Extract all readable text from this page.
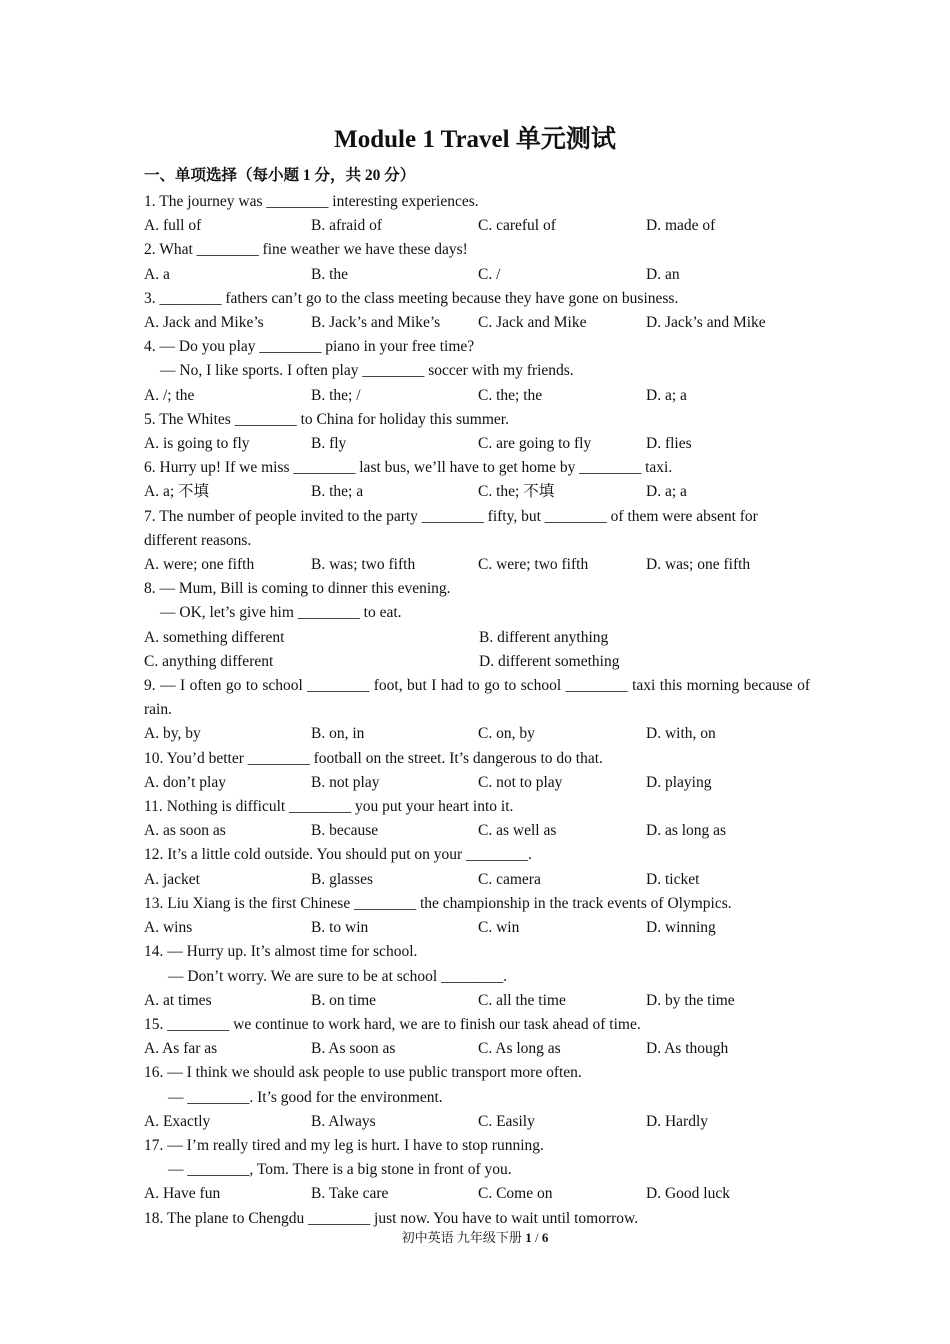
Module 1 Travel 单元测试
一、单项选择（每小题 1 分，共 20 分）
1. The journey was ________ interesting experiences.
A. full of	B. afraid of	C. careful of	D. made of
2. What ________ fine weather we have these days!
A. a	B. the	C. /	D. an
3. ________ fathers can’t go to the class meeting because they have gone on business.
A. Jack and Mike’s	B. Jack’s and Mike’s	C. Jack and Mike	D. Jack’s and Mike
4. — Do you play ________ piano in your free time?
— No, I like sports. I often play ________ soccer with my friends.
A. /; the	B. the; /	C. the; the	D. a; a
5. The Whites ________ to China for holiday this summer.
A. is going to fly	B. fly	C. are going to fly	D. flies
6. Hurry up! If we miss ________ last bus, we’ll have to get home by ________ taxi.
A. a; 不填	B. the; a	C. the; 不填	D. a; a
7. The number of people invited to the party ________ fifty, but ________ of them were absent for different reasons.
A. were; one fifth	B. was; two fifth	C. were; two fifth	D. was; one fifth
8. — Mum, Bill is coming to dinner this evening.
— OK, let’s give him ________ to eat.
A. something different	B. different anything
C. anything different	D. different something
9. — I often go to school ________ foot, but I had to go to school ________ taxi this morning because of rain.
A. by, by	B. on, in	C. on, by	D. with, on
10. You’d better ________ football on the street. It’s dangerous to do that.
A. don’t play	B. not play	C. not to play	D. playing
11. Nothing is difficult ________ you put your heart into it.
A. as soon as	B. because	C. as well as	D. as long as
12. It’s a little cold outside. You should put on your ________.
A. jacket	B. glasses	C. camera	D. ticket
13. Liu Xiang is the first Chinese ________ the championship in the track events of Olympics.
A. wins	B. to win	C. win	D. winning
14. — Hurry up. It’s almost time for school.
— Don’t worry. We are sure to be at school ________.
A. at times	B. on time	C. all the time	D. by the time
15. ________ we continue to work hard, we are to finish our task ahead of time.
A. As far as	B. As soon as	C. As long as	D. As though
16. — I think we should ask people to use public transport more often.
— ________. It’s good for the environment.
A. Exactly	B. Always	C. Easily	D. Hardly
17. — I’m really tired and my leg is hurt. I have to stop running.
— ________, Tom. There is a big stone in front of you.
A. Have fun	B. Take care	C. Come on	D. Good luck
18. The plane to Chengdu ________ just now. You have to wait until tomorrow.
初中英语 九年级下册 1 / 6
